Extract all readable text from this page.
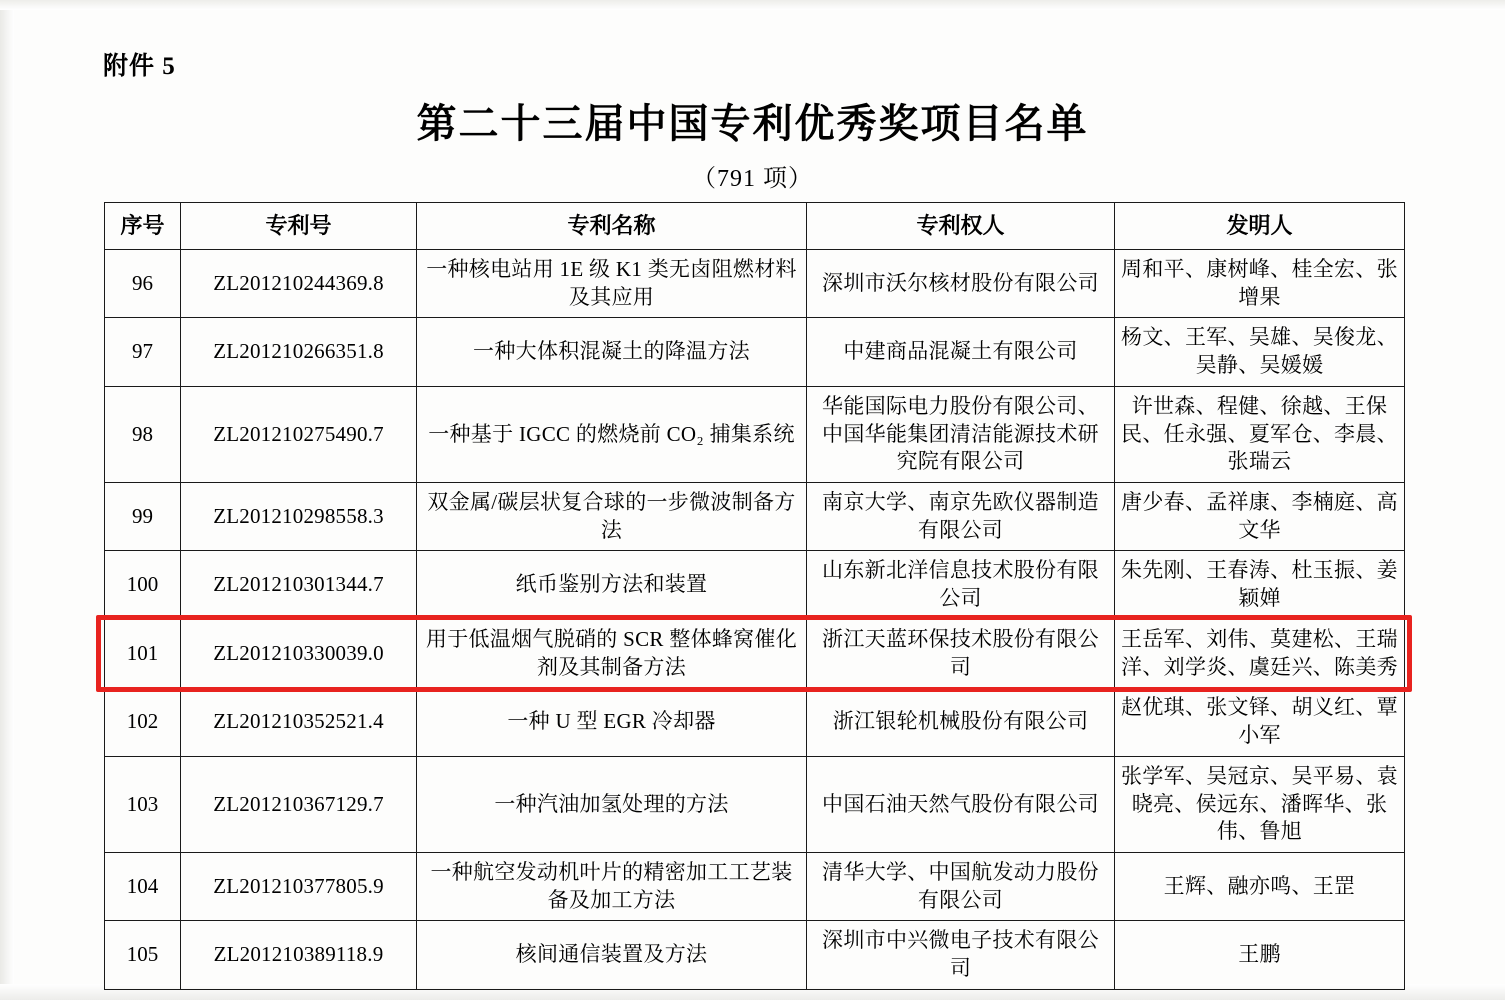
附件 5
第二十三届中国专利优秀奖项目名单
（791 项）
序号	专利号	专利名称	专利权人	发明人
96	ZL201210244369.8	一种核电站用 1E 级 K1 类无卤阻燃材料及其应用	深圳市沃尔核材股份有限公司	周和平、康树峰、桂全宏、张增果
97	ZL201210266351.8	一种大体积混凝土的降温方法	中建商品混凝土有限公司	杨文、王军、吴雄、吴俊龙、吴静、吴媛媛
98	ZL201210275490.7	一种基于 IGCC 的燃烧前 CO₂ 捕集系统	华能国际电力股份有限公司、中国华能集团清洁能源技术研究院有限公司	许世森、程健、徐越、王保民、任永强、夏军仓、李晨、张瑞云
99	ZL201210298558.3	双金属/碳层状复合球的一步微波制备方法	南京大学、南京先欧仪器制造有限公司	唐少春、孟祥康、李楠庭、高文华
100	ZL201210301344.7	纸币鉴别方法和装置	山东新北洋信息技术股份有限公司	朱先刚、王春涛、杜玉振、姜颖婵
101	ZL201210330039.0	用于低温烟气脱硝的 SCR 整体蜂窝催化剂及其制备方法	浙江天蓝环保技术股份有限公司	王岳军、刘伟、莫建松、王瑞洋、刘学炎、虞廷兴、陈美秀
102	ZL201210352521.4	一种 U 型 EGR 冷却器	浙江银轮机械股份有限公司	赵优琪、张文铎、胡义红、覃小军
103	ZL201210367129.7	一种汽油加氢处理的方法	中国石油天然气股份有限公司	张学军、吴冠京、吴平易、袁晓亮、侯远东、潘晖华、张伟、鲁旭
104	ZL201210377805.9	一种航空发动机叶片的精密加工工艺装备及加工方法	清华大学、中国航发动力股份有限公司	王辉、融亦鸣、王罡
105	ZL201210389118.9	核间通信装置及方法	深圳市中兴微电子技术有限公司	王鹏
